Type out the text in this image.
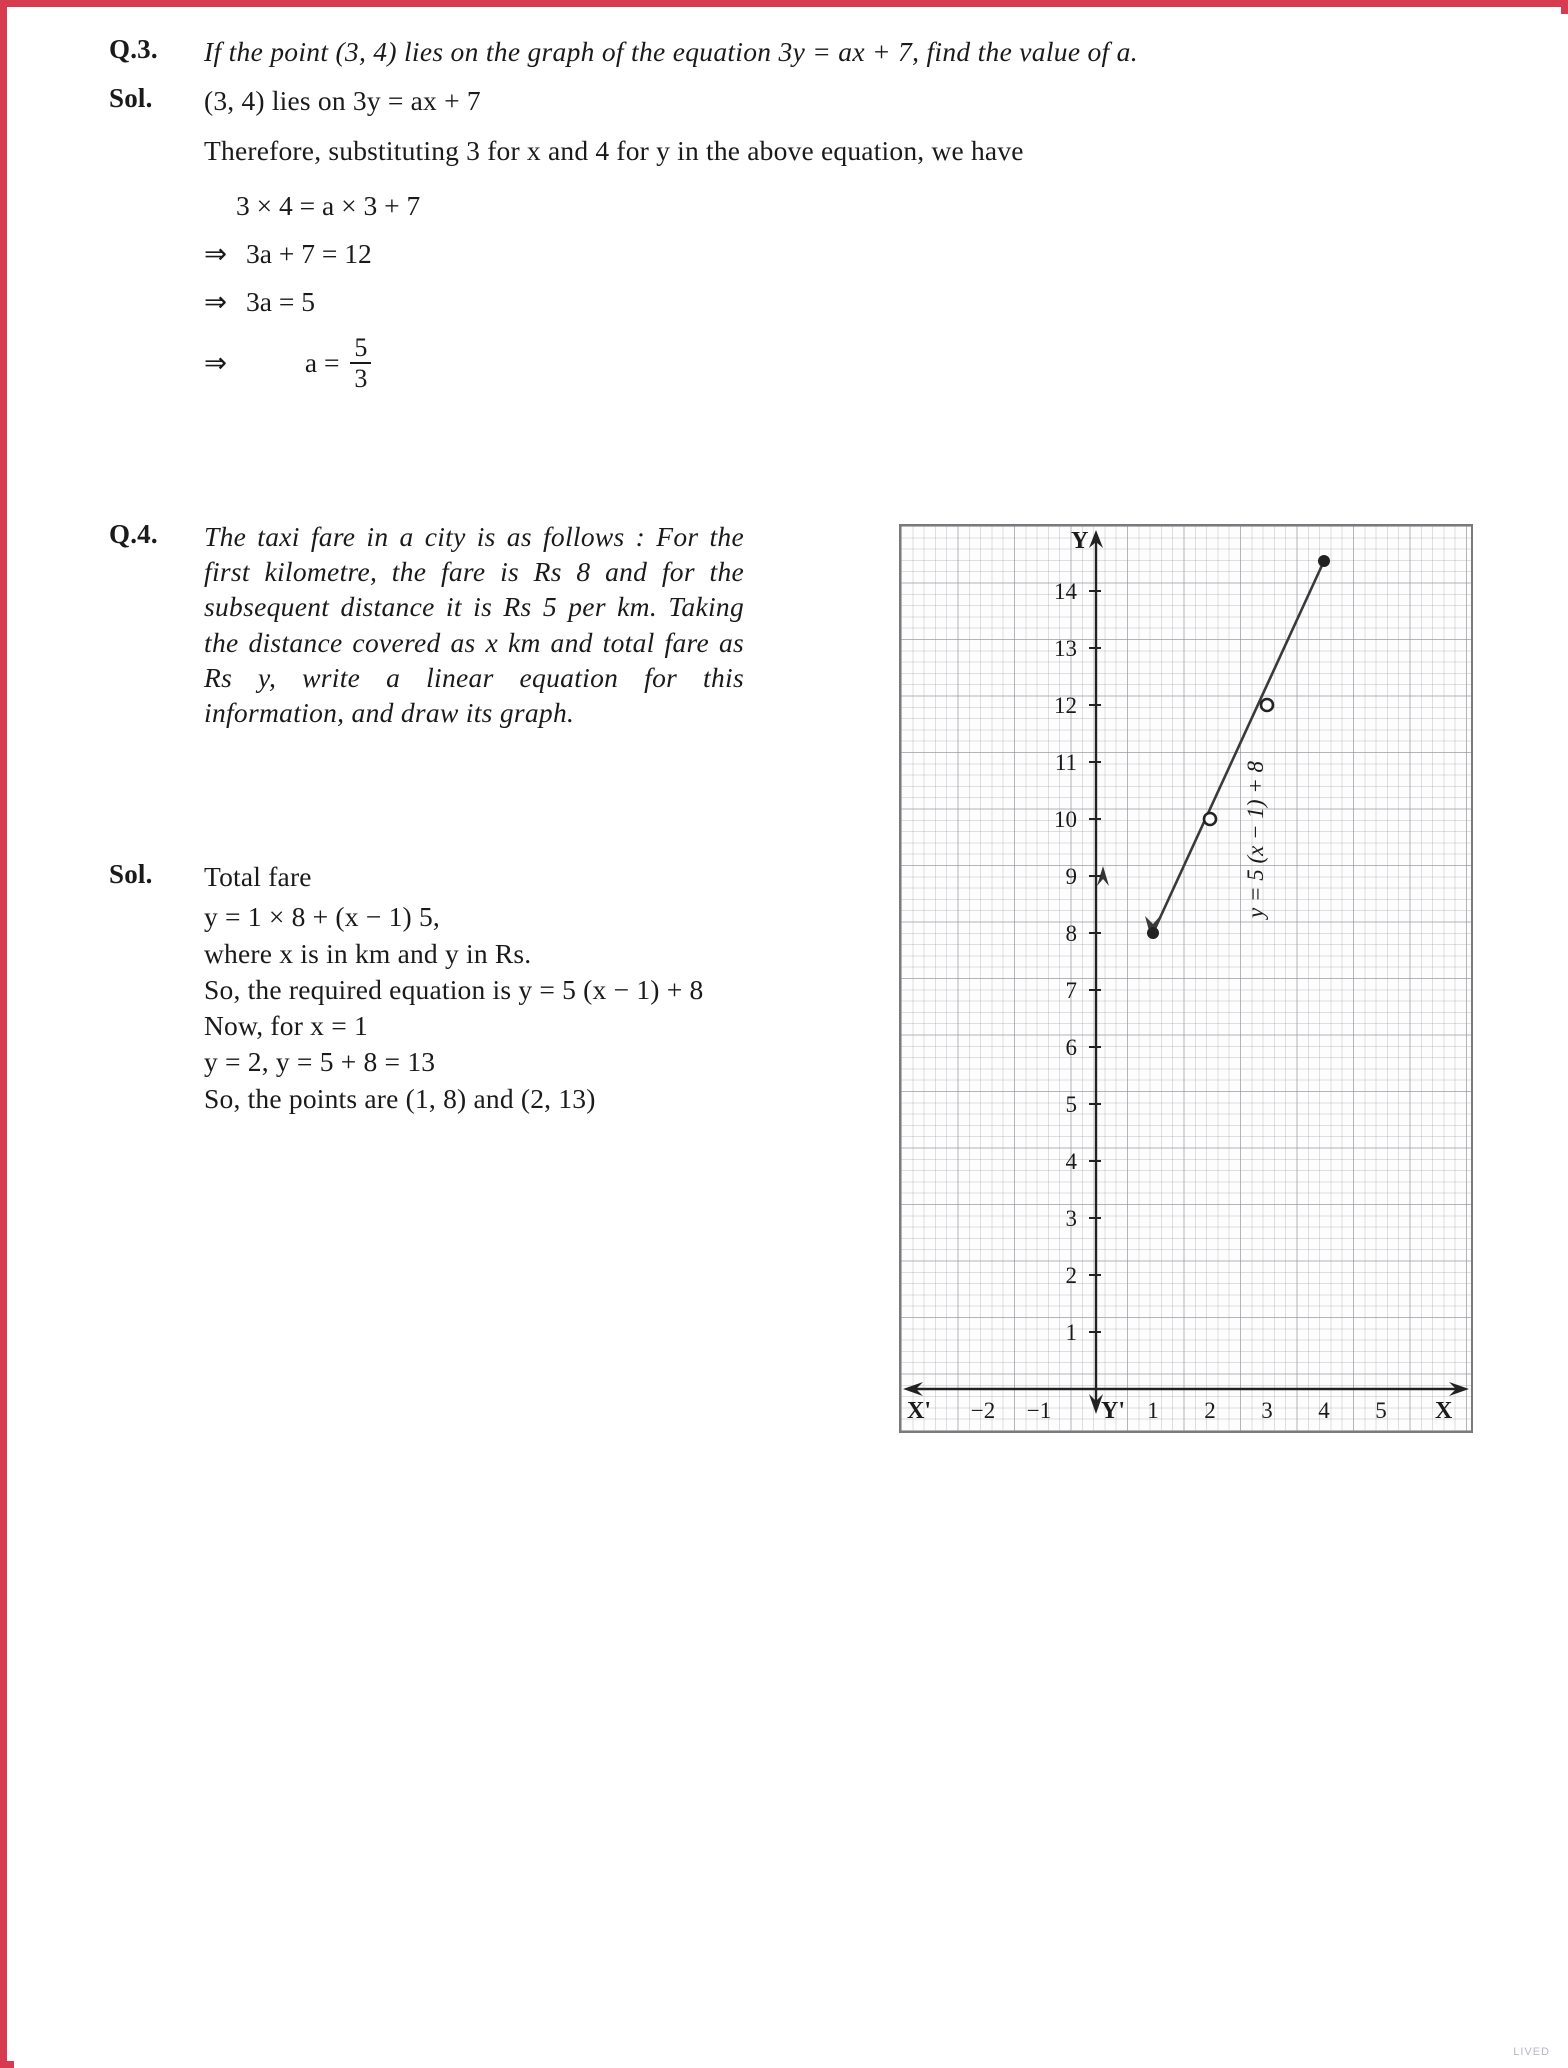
Q.3.	If the point (3, 4) lies on the graph of the equation 3y = ax + 7, find the value of a.
Sol.	(3, 4) lies on 3y = ax + 7
Therefore, substituting 3 for x and 4 for y in the above equation, we have
3 × 4 = a × 3 + 7
⇒ 3a + 7 = 12
⇒ 3a = 5
⇒	$a = \frac{5}{3}$
Q.4.	The taxi fare in a city is as follows : For the first kilometre, the fare is Rs 8 and for the subsequent distance it is Rs 5 per km. Taking the distance covered as x km and total fare as Rs y, write a linear equation for this information, and draw its graph.
Sol.	Total fare
y = 1 × 8 + (x − 1) 5,
where x is in km and y in Rs.
So, the required equation is y = 5 (x − 1) + 8
Now, for x = 1
y = 2, y = 5 + 8 = 13
So, the points are (1, 8) and (2, 13)
1
2
3
4
5
6
7
8
9
10
11
12
13
14
−2	−1	1	2	3	4	5
Y
Y'
X'	X
y = 5 (x − 1) + 8
LIVED
